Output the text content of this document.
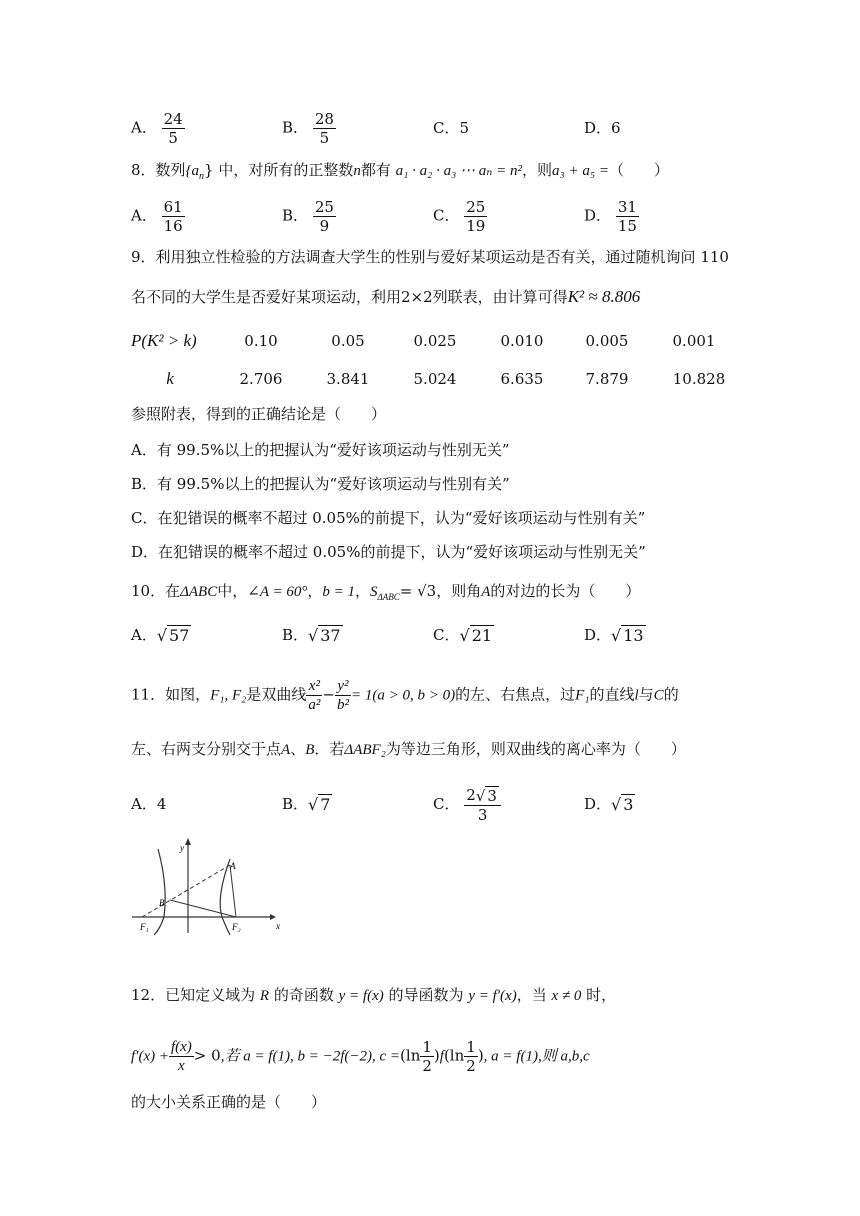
A． $\frac{24}{5}$	B． $\frac{28}{5}$	C．5	D．6
8．数列$\{a_n\}$ 中，对所有的正整数n都有 a₁ · a₂ · a₃ ⋯ aₙ = n²，则a₃ + a₅ =（　　）
A． $\frac{61}{16}$	B． $\frac{25}{9}$	C． $\frac{25}{19}$	D． $\frac{31}{15}$
9．利用独立性检验的方法调查大学生的性别与爱好某项运动是否有关，通过随机询问 110
名不同的大学生是否爱好某项运动，利用2×2列联表，由计算可得K² ≈ 8.806
P(K² > k)	0.10	0.05	0.025	0.010	0.005	0.001
k	2.706	3.841	5.024	6.635	7.879	10.828
参照附表，得到的正确结论是（　　）
A．有 99.5%以上的把握认为“爱好该项运动与性别无关”
B．有 99.5%以上的把握认为“爱好该项运动与性别有关”
C．在犯错误的概率不超过 0.05%的前提下，认为“爱好该项运动与性别有关”
D．在犯错误的概率不超过 0.05%的前提下，认为“爱好该项运动与性别无关”
10．在ΔABC中，∠A = 60°，b = 1，$S_{\Delta ABC}= √3$，则角A的对边的长为（　　）
A．√ 57	B．√ 37	C．√ 21	D．√ 13
11．如图，F₁, F₂是双曲线 $\frac{\text{x²}}{\text{a²}} - \frac{\text{y²}}{\text{b²}} = 1(a > 0$, b > 0)的左、右焦点，过F₁的直线l与C的
左、右两支分别交于点A、B．若ΔABF₂为等边三角形，则双曲线的离心率为（　　）
A．4	B．√ 7	C． $\frac{2√ 3}{3}$	D．√ 3
y
x
A
B
F₁	F₂
12．已知定义域为 R 的奇函数 y = f(x) 的导函数为 y = f′(x)，当 x ≠ 0 时，
$f'(x) + \frac{f(x)}{x} > 0$,若 a = f(1), b = −2f(−2), $c =(\ln \frac{1}{2} )f(\ln \frac{1}{2}$ ), a = f(1),则 a,b,c
的大小关系正确的是（　　）
